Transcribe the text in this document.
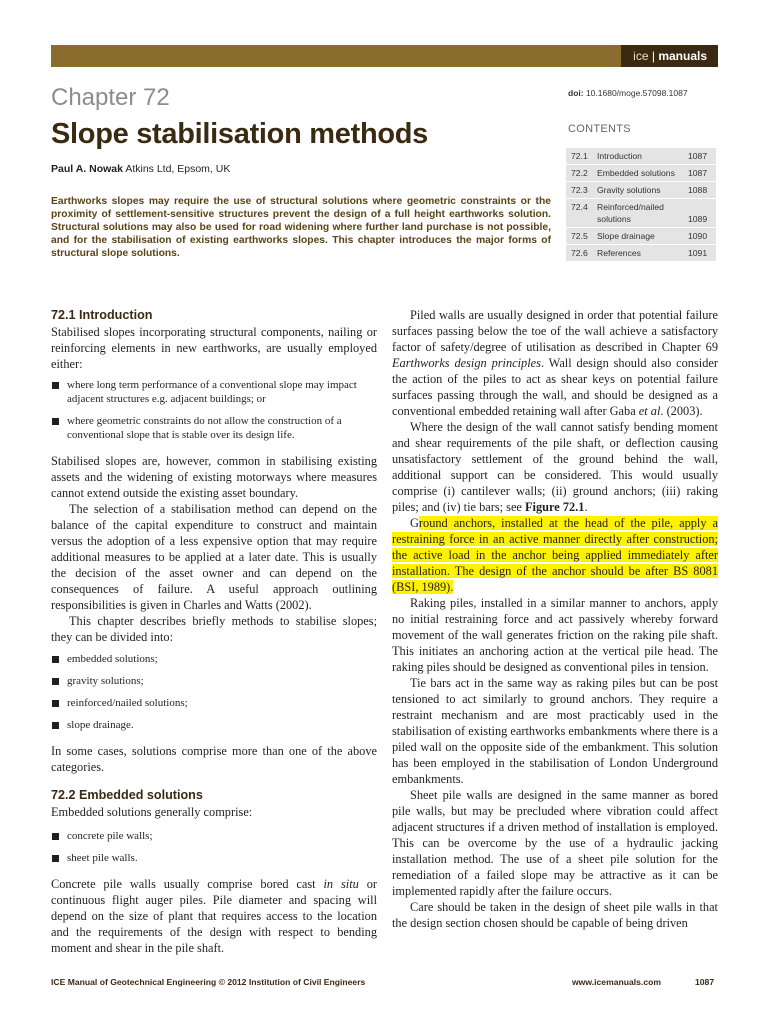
ice | manuals
Chapter 72
Slope stabilisation methods
Paul A. Nowak Atkins Ltd, Epsom, UK
doi: 10.1680/moge.57098.1087
CONTENTS
72.1	Introduction	1087
72.2	Embedded solutions	1087
72.3	Gravity solutions	1088
72.4	Reinforced/nailed solutions	1089
72.5	Slope drainage	1090
72.6	References	1091
Earthworks slopes may require the use of structural solutions where geometric constraints or the proximity of settlement-sensitive structures prevent the design of a full height earthworks solution. Structural solutions may also be used for road widening where further land purchase is not possible, and for the stabilisation of existing earthworks slopes. This chapter introduces the major forms of structural slope solutions.
72.1 Introduction

Stabilised slopes incorporating structural components, nailing or reinforcing elements in new earthworks, are usually employed either:

where long term performance of a conventional slope may impact adjacent structures e.g. adjacent buildings; or
where geometric constraints do not allow the construction of a conventional slope that is stable over its design life.

Stabilised slopes are, however, common in stabilising existing assets and the widening of existing motorways where measures cannot extend outside the existing asset boundary.

The selection of a stabilisation method can depend on the balance of the capital expenditure to construct and maintain versus the adoption of a less expensive option that may require additional measures to be applied at a later date. This is usually the decision of the asset owner and can depend on the consequences of failure. A useful approach outlining responsibilities is given in Charles and Watts (2002).

This chapter describes briefly methods to stabilise slopes; they can be divided into:

embedded solutions;
gravity solutions;
reinforced/nailed solutions;
slope drainage.

In some cases, solutions comprise more than one of the above categories.

72.2 Embedded solutions

Embedded solutions generally comprise:

concrete pile walls;
sheet pile walls.

Concrete pile walls usually comprise bored cast in situ or continuous flight auger piles. Pile diameter and spacing will depend on the size of plant that requires access to the location and the requirements of the design with respect to bending moment and shear in the pile shaft.

Piled walls are usually designed in order that potential failure surfaces passing below the toe of the wall achieve a satisfactory factor of safety/degree of utilisation as described in Chapter 69 Earthworks design principles. Wall design should also consider the action of the piles to act as shear keys on potential failure surfaces passing through the wall, and should be designed as a conventional embedded retaining wall after Gaba et al. (2003).

Where the design of the wall cannot satisfy bending moment and shear requirements of the pile shaft, or deflection causing unsatisfactory settlement of the ground behind the wall, additional support can be considered. This would usually comprise (i) cantilever walls; (ii) ground anchors; (iii) raking piles; and (iv) tie bars; see Figure 72.1.

Ground anchors, installed at the head of the pile, apply a restraining force in an active manner directly after construction; the active load in the anchor being applied immediately after installation. The design of the anchor should be after BS 8081 (BSI, 1989).

Raking piles, installed in a similar manner to anchors, apply no initial restraining force and act passively whereby forward movement of the wall generates friction on the raking pile shaft. This initiates an anchoring action at the vertical pile head. The raking piles should be designed as conventional piles in tension.

Tie bars act in the same way as raking piles but can be post tensioned to act similarly to ground anchors. They require a restraint mechanism and are most practicably used in the stabilisation of existing earthworks embankments where there is a piled wall on the opposite side of the embankment. This solution has been employed in the stabilisation of London Underground embankments.

Sheet pile walls are designed in the same manner as bored pile walls, but may be precluded where vibration could affect adjacent structures if a driven method of installation is employed. This can be overcome by the use of a hydraulic jacking installation method. The use of a sheet pile solution for the remediation of a failed slope may be attractive as it can be implemented rapidly after the failure occurs.

Care should be taken in the design of sheet pile walls in that the design section chosen should be capable of being driven

ICE Manual of Geotechnical Engineering © 2012 Institution of Civil Engineers	www.icemanuals.com	1087
